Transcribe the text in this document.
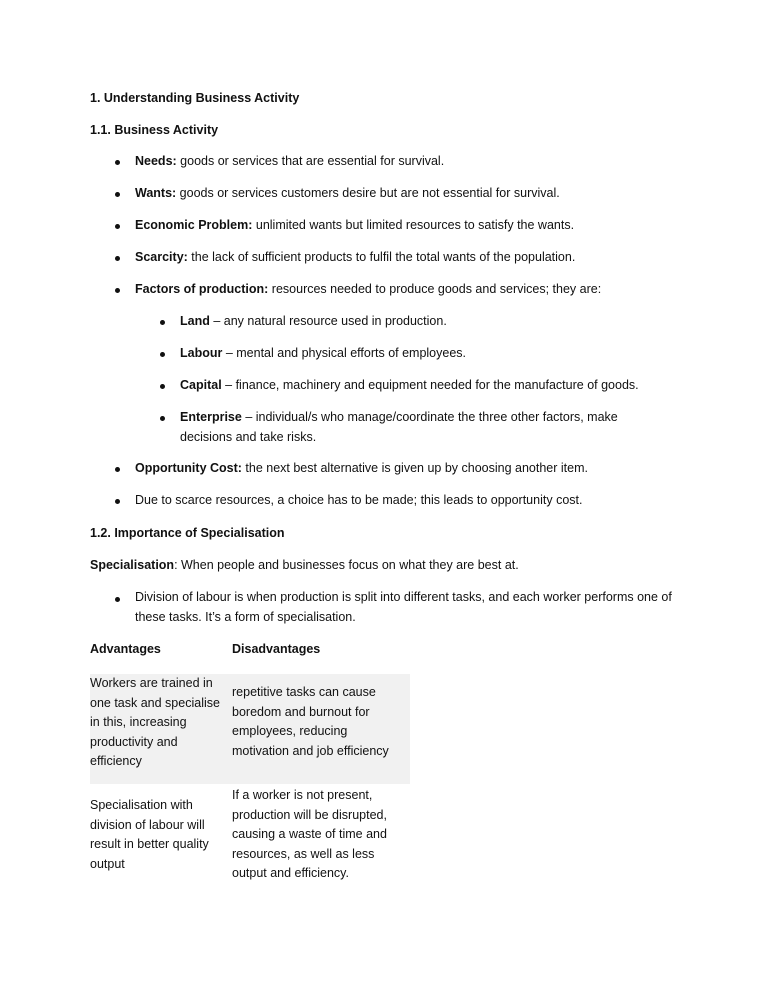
1. Understanding Business Activity
1.1. Business Activity
Needs: goods or services that are essential for survival.
Wants: goods or services customers desire but are not essential for survival.
Economic Problem: unlimited wants but limited resources to satisfy the wants.
Scarcity: the lack of sufficient products to fulfil the total wants of the population.
Factors of production: resources needed to produce goods and services; they are:
Land – any natural resource used in production.
Labour – mental and physical efforts of employees.
Capital – finance, machinery and equipment needed for the manufacture of goods.
Enterprise – individual/s who manage/coordinate the three other factors, make decisions and take risks.
Opportunity Cost: the next best alternative is given up by choosing another item.
Due to scarce resources, a choice has to be made; this leads to opportunity cost.
1.2. Importance of Specialisation
Specialisation: When people and businesses focus on what they are best at.
Division of labour is when production is split into different tasks, and each worker performs one of these tasks. It’s a form of specialisation.
Advantages	Disadvantages
Workers are trained in one task and specialise in this, increasing productivity and efficiency
repetitive tasks can cause boredom and burnout for employees, reducing motivation and job efficiency
Specialisation with division of labour will result in better quality output
If a worker is not present, production will be disrupted, causing a waste of time and resources, as well as less output and efficiency.
